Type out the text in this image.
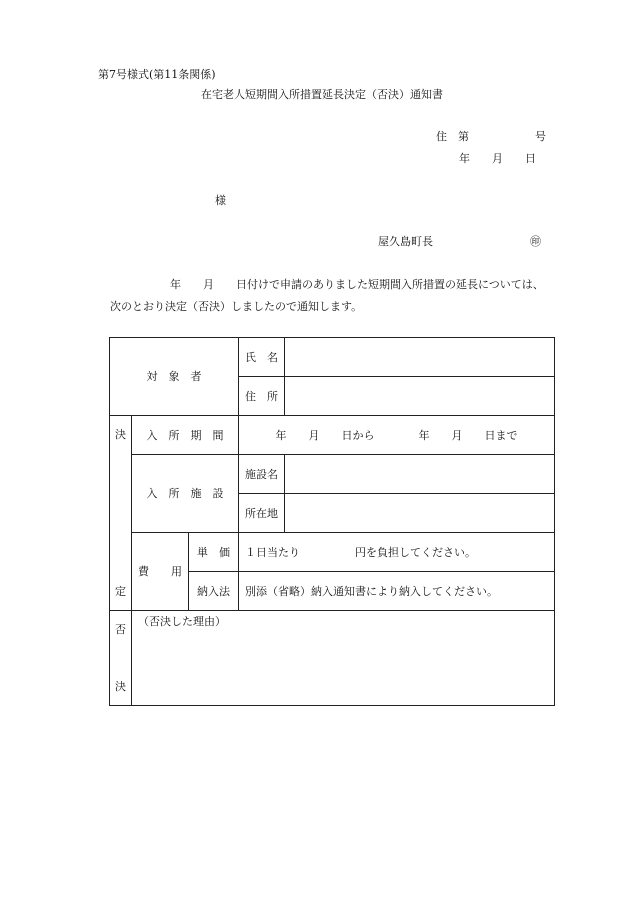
第7号様式(第11条関係)
在宅老人短期間入所措置延長決定（否決）通知書
住　第　　　　　　号
年　　月　　日
様
屋久島町長	㊞
年　　月　　日付けで申請のありました短期間入所措置の延長については、
次のとおり決定（否決）しましたので通知します。
対　象　者			氏　名	
			住　所	

決
定	入　所　期　間		年　　月　　日から　　　　年　　月　　日まで	
	入　所　施　設		施設名	
			所在地	
	費　　用	単　価	１日当たり　　　　　円を負担してください。	
		納入法	別添（省略）納入通知書により納入してください。	

否
決	（否決した理由）			
